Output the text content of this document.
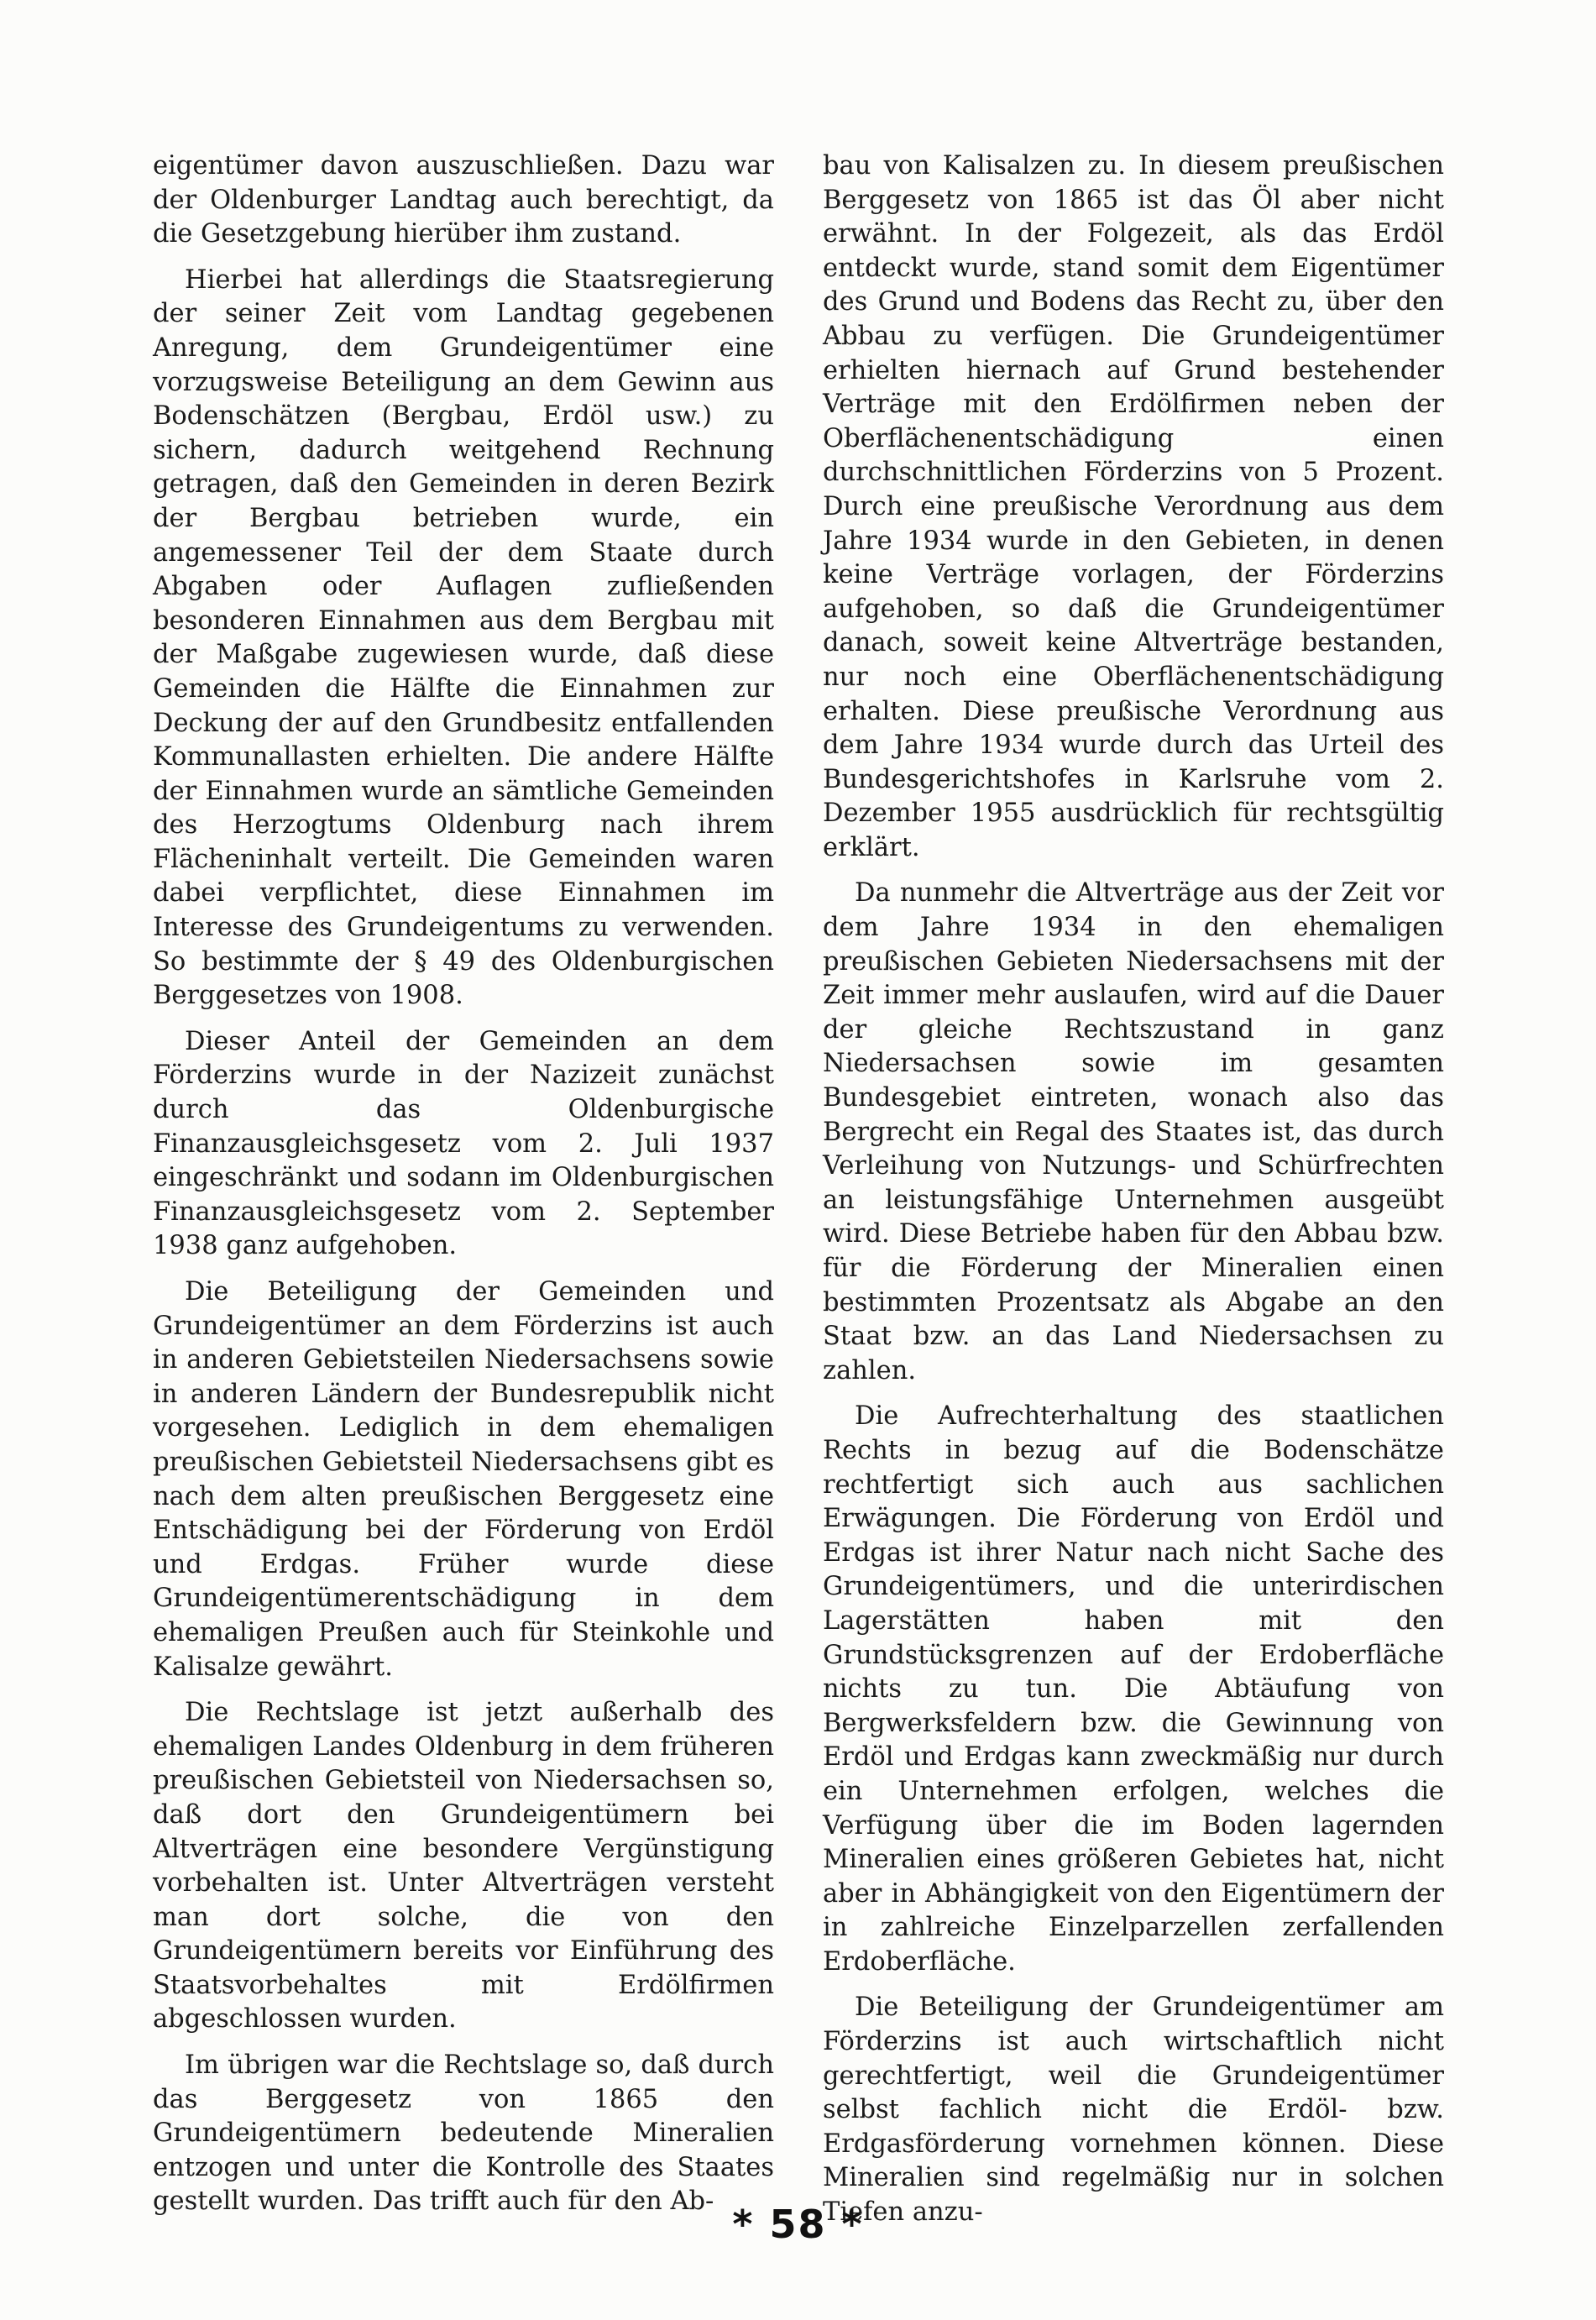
eigentümer davon auszuschließen. Dazu war der Oldenburger Landtag auch berechtigt, da die Gesetzgebung hierüber ihm zustand.

Hierbei hat allerdings die Staatsregierung der seiner Zeit vom Landtag gegebenen Anregung, dem Grundeigentümer eine vorzugsweise Beteiligung an dem Gewinn aus Bodenschätzen (Bergbau, Erdöl usw.) zu sichern, dadurch weitgehend Rechnung getragen, daß den Gemeinden in deren Bezirk der Bergbau betrieben wurde, ein angemessener Teil der dem Staate durch Abgaben oder Auflagen zufließenden besonderen Einnahmen aus dem Bergbau mit der Maßgabe zugewiesen wurde, daß diese Gemeinden die Hälfte die Einnahmen zur Deckung der auf den Grundbesitz entfallenden Kommunallasten erhielten. Die andere Hälfte der Einnahmen wurde an sämtliche Gemeinden des Herzogtums Oldenburg nach ihrem Flächeninhalt verteilt. Die Gemeinden waren dabei verpflichtet, diese Einnahmen im Interesse des Grundeigentums zu verwenden. So bestimmte der § 49 des Oldenburgischen Berggesetzes von 1908.

Dieser Anteil der Gemeinden an dem Förderzins wurde in der Nazizeit zunächst durch das Oldenburgische Finanzausgleichsgesetz vom 2. Juli 1937 eingeschränkt und sodann im Oldenburgischen Finanzausgleichsgesetz vom 2. September 1938 ganz aufgehoben.

Die Beteiligung der Gemeinden und Grundeigentümer an dem Förderzins ist auch in anderen Gebietsteilen Niedersachsens sowie in anderen Ländern der Bundesrepublik nicht vorgesehen. Lediglich in dem ehemaligen preußischen Gebietsteil Niedersachsens gibt es nach dem alten preußischen Berggesetz eine Entschädigung bei der Förderung von Erdöl und Erdgas. Früher wurde diese Grundeigentümerentschädigung in dem ehemaligen Preußen auch für Steinkohle und Kalisalze gewährt.

Die Rechtslage ist jetzt außerhalb des ehemaligen Landes Oldenburg in dem früheren preußischen Gebietsteil von Niedersachsen so, daß dort den Grundeigentümern bei Altverträgen eine besondere Vergünstigung vorbehalten ist. Unter Altverträgen versteht man dort solche, die von den Grundeigentümern bereits vor Einführung des Staatsvorbehaltes mit Erdölfirmen abgeschlossen wurden.

Im übrigen war die Rechtslage so, daß durch das Berggesetz von 1865 den Grundeigentümern bedeutende Mineralien entzogen und unter die Kontrolle des Staates gestellt wurden. Das trifft auch für den Ab-

bau von Kalisalzen zu. In diesem preußischen Berggesetz von 1865 ist das Öl aber nicht erwähnt. In der Folgezeit, als das Erdöl entdeckt wurde, stand somit dem Eigentümer des Grund und Bodens das Recht zu, über den Abbau zu verfügen. Die Grundeigentümer erhielten hiernach auf Grund bestehender Verträge mit den Erdölfirmen neben der Oberflächenentschädigung einen durchschnittlichen Förderzins von 5 Prozent. Durch eine preußische Verordnung aus dem Jahre 1934 wurde in den Gebieten, in denen keine Verträge vorlagen, der Förderzins aufgehoben, so daß die Grundeigentümer danach, soweit keine Altverträge bestanden, nur noch eine Oberflächenentschädigung erhalten. Diese preußische Verordnung aus dem Jahre 1934 wurde durch das Urteil des Bundesgerichtshofes in Karlsruhe vom 2. Dezember 1955 ausdrücklich für rechtsgültig erklärt.

Da nunmehr die Altverträge aus der Zeit vor dem Jahre 1934 in den ehemaligen preußischen Gebieten Niedersachsens mit der Zeit immer mehr auslaufen, wird auf die Dauer der gleiche Rechtszustand in ganz Niedersachsen sowie im gesamten Bundesgebiet eintreten, wonach also das Bergrecht ein Regal des Staates ist, das durch Verleihung von Nutzungs- und Schürfrechten an leistungsfähige Unternehmen ausgeübt wird. Diese Betriebe haben für den Abbau bzw. für die Förderung der Mineralien einen bestimmten Prozentsatz als Abgabe an den Staat bzw. an das Land Niedersachsen zu zahlen.

Die Aufrechterhaltung des staatlichen Rechts in bezug auf die Bodenschätze rechtfertigt sich auch aus sachlichen Erwägungen. Die Förderung von Erdöl und Erdgas ist ihrer Natur nach nicht Sache des Grundeigentümers, und die unterirdischen Lagerstätten haben mit den Grundstücksgrenzen auf der Erdoberfläche nichts zu tun. Die Abtäufung von Bergwerksfeldern bzw. die Gewinnung von Erdöl und Erdgas kann zweckmäßig nur durch ein Unternehmen erfolgen, welches die Verfügung über die im Boden lagernden Mineralien eines größeren Gebietes hat, nicht aber in Abhängigkeit von den Eigentümern der in zahlreiche Einzelparzellen zerfallenden Erdoberfläche.

Die Beteiligung der Grundeigentümer am Förderzins ist auch wirtschaftlich nicht gerechtfertigt, weil die Grundeigentümer selbst fachlich nicht die Erdöl- bzw. Erdgasförderung vornehmen können. Diese Mineralien sind regelmäßig nur in solchen Tiefen anzu-

* 58 *
